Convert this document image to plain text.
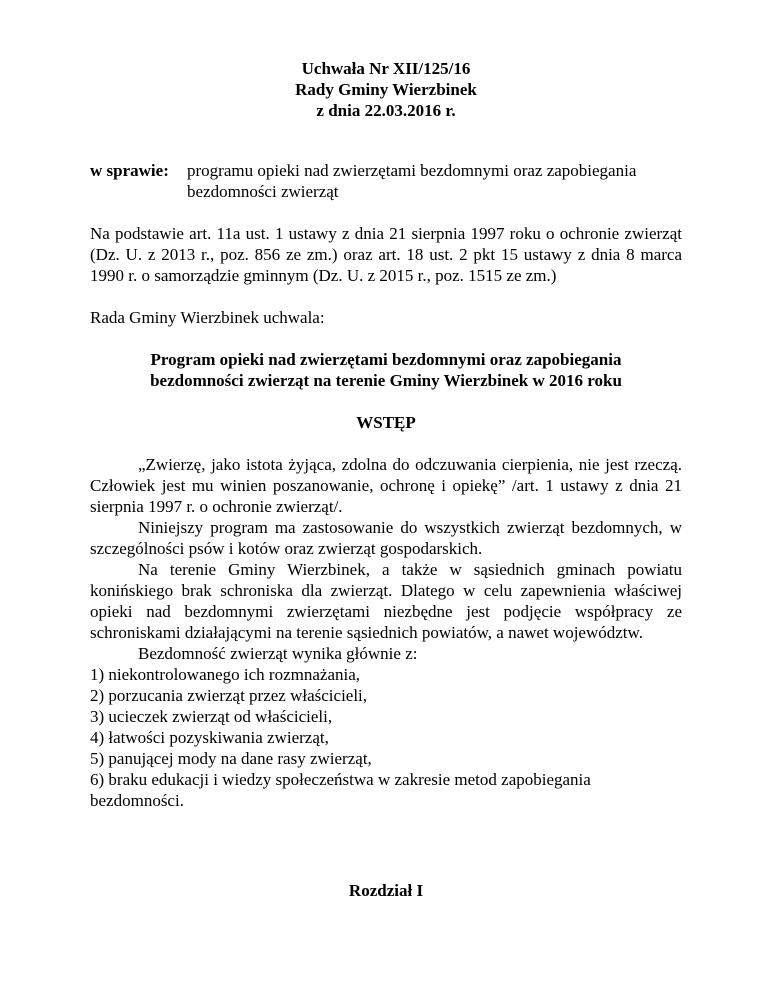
Uchwała Nr XII/125/16
Rady Gminy Wierzbinek
z dnia 22.03.2016 r.
w sprawie:	programu opieki nad zwierzętami bezdomnymi oraz zapobiegania bezdomności zwierząt
Na podstawie art. 11a ust. 1 ustawy z dnia 21 sierpnia 1997 roku o ochronie zwierząt (Dz. U. z 2013 r., poz. 856 ze zm.) oraz art. 18 ust. 2 pkt 15 ustawy z dnia 8 marca 1990 r. o samorządzie gminnym (Dz. U. z 2015 r., poz. 1515 ze zm.)
Rada Gminy Wierzbinek uchwala:
Program opieki nad zwierzętami bezdomnymi oraz zapobiegania
bezdomności zwierząt na terenie Gminy Wierzbinek w 2016 roku
WSTĘP
„Zwierzę, jako istota żyjąca, zdolna do odczuwania cierpienia, nie jest rzeczą. Człowiek jest mu winien poszanowanie, ochronę i opiekę” /art. 1 ustawy z dnia 21 sierpnia 1997 r. o ochronie zwierząt/.
Niniejszy program ma zastosowanie do wszystkich zwierząt bezdomnych, w szczególności psów i kotów oraz zwierząt gospodarskich.
Na terenie Gminy Wierzbinek, a także w sąsiednich gminach powiatu konińskiego brak schroniska dla zwierząt. Dlatego w celu zapewnienia właściwej opieki nad bezdomnymi zwierzętami niezbędne jest podjęcie współpracy ze schroniskami działającymi na terenie sąsiednich powiatów, a nawet województw.
Bezdomność zwierząt wynika głównie z:
1) niekontrolowanego ich rozmnażania,
2) porzucania zwierząt przez właścicieli,
3) ucieczek zwierząt od właścicieli,
4) łatwości pozyskiwania zwierząt,
5) panującej mody na dane rasy zwierząt,
6) braku edukacji i wiedzy społeczeństwa w zakresie metod zapobiegania bezdomności.
Rozdział I
